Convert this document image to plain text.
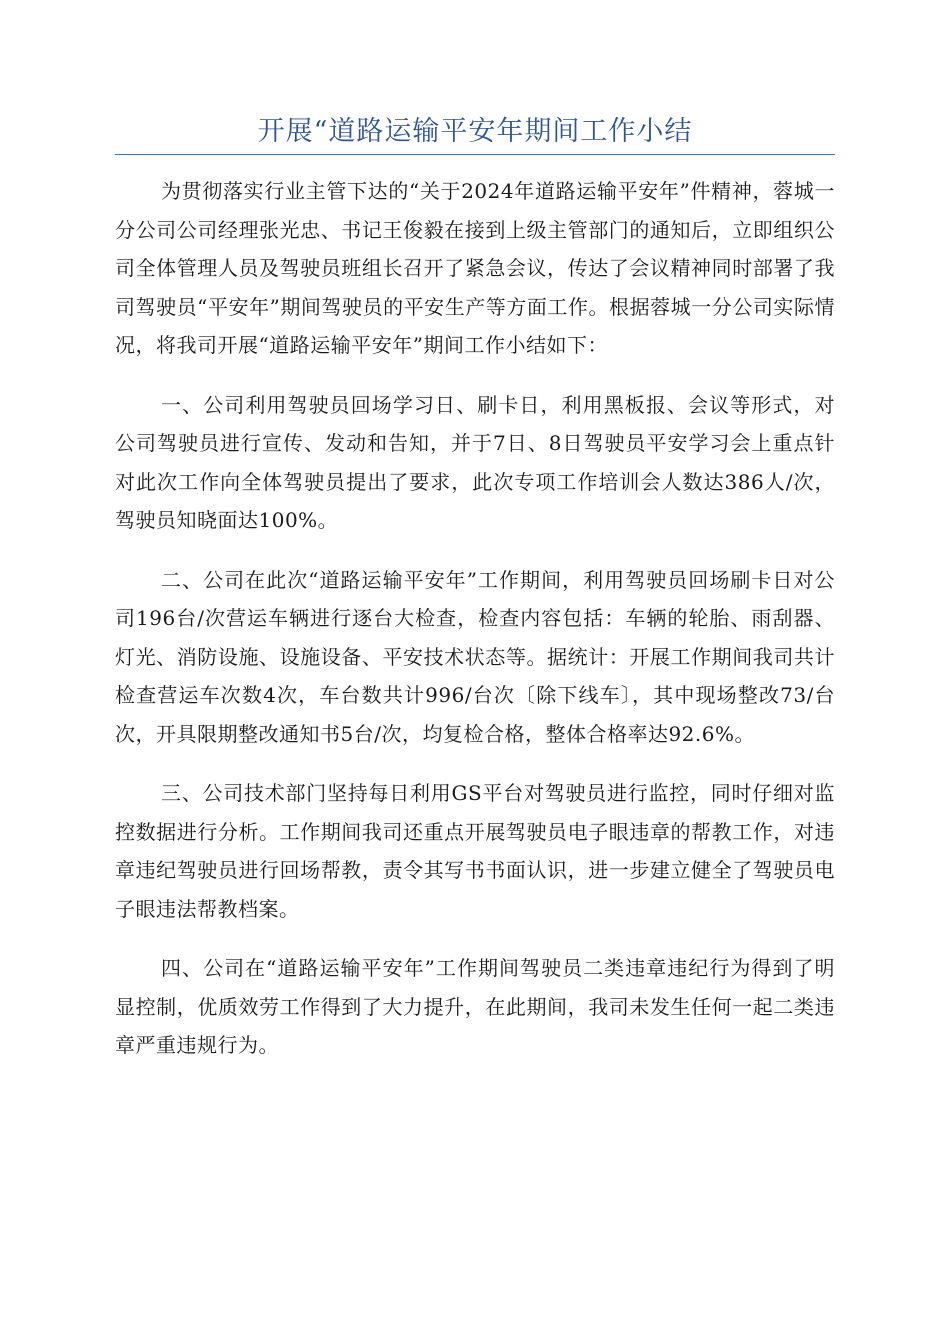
开展“道路运输平安年期间工作小结

为贯彻落实行业主管下达的“关于2024年道路运输平安年”件精神，蓉城一分公司公司经理张光忠、书记王俊毅在接到上级主管部门的通知后，立即组织公司全体管理人员及驾驶员班组长召开了紧急会议，传达了会议精神同时部署了我司驾驶员“平安年”期间驾驶员的平安生产等方面工作。根据蓉城一分公司实际情况，将我司开展“道路运输平安年”期间工作小结如下：

一、公司利用驾驶员回场学习日、刷卡日，利用黑板报、会议等形式，对公司驾驶员进行宣传、发动和告知，并于7日、8日驾驶员平安学习会上重点针对此次工作向全体驾驶员提出了要求，此次专项工作培训会人数达386人/次，驾驶员知晓面达100%。

二、公司在此次“道路运输平安年”工作期间，利用驾驶员回场刷卡日对公司196台/次营运车辆进行逐台大检查，检查内容包括：车辆的轮胎、雨刮器、灯光、消防设施、设施设备、平安技术状态等。据统计：开展工作期间我司共计检查营运车次数4次，车台数共计996/台次〔除下线车〕，其中现场整改73/台次，开具限期整改通知书5台/次，均复检合格，整体合格率达92.6%。

三、公司技术部门坚持每日利用GS平台对驾驶员进行监控，同时仔细对监控数据进行分析。工作期间我司还重点开展驾驶员电子眼违章的帮教工作，对违章违纪驾驶员进行回场帮教，责令其写书书面认识，进一步建立健全了驾驶员电子眼违法帮教档案。

四、公司在“道路运输平安年”工作期间驾驶员二类违章违纪行为得到了明显控制，优质效劳工作得到了大力提升，在此期间，我司未发生任何一起二类违章严重违规行为。
